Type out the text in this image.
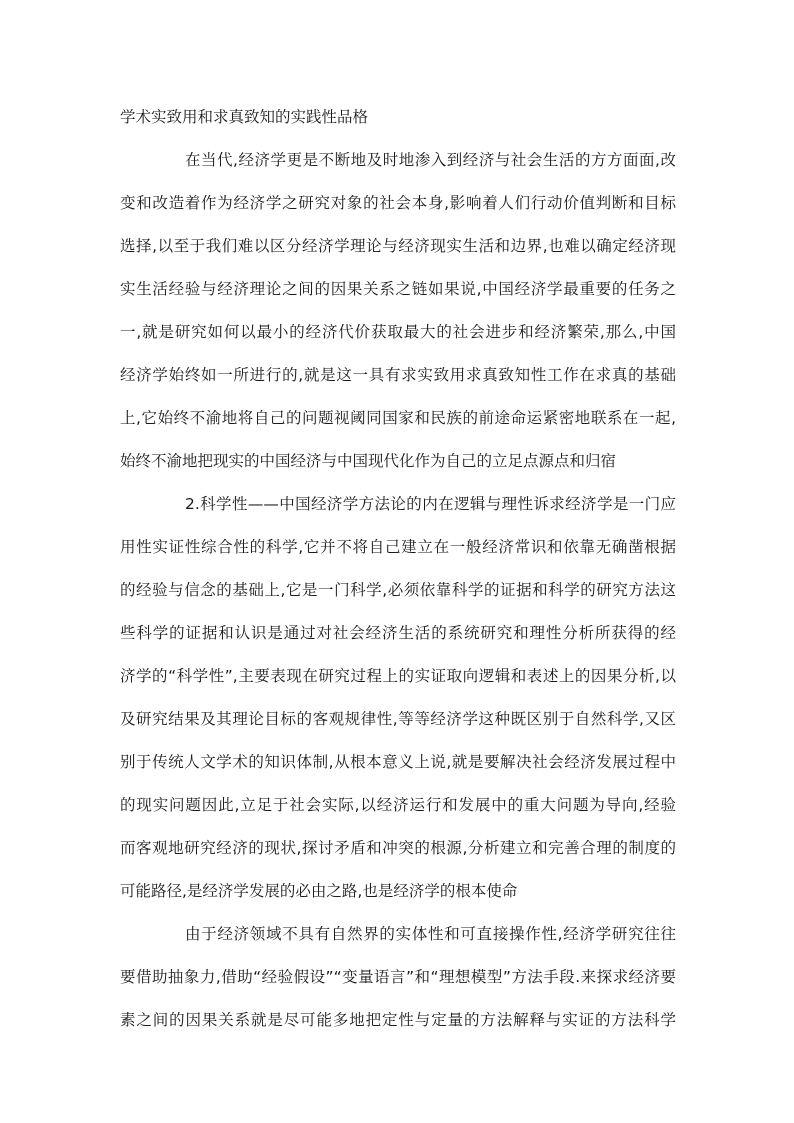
学术实致用和求真致知的实践性品格
在当代,经济学更是不断地及时地渗入到经济与社会生活的方方面面,改
变和改造着作为经济学之研究对象的社会本身,影响着人们行动价值判断和目标
选择,以至于我们难以区分经济学理论与经济现实生活和边界,也难以确定经济现
实生活经验与经济理论之间的因果关系之链如果说,中国经济学最重要的任务之
一,就是研究如何以最小的经济代价获取最大的社会进步和经济繁荣,那么,中国
经济学始终如一所进行的,就是这一具有求实致用求真致知性工作在求真的基础
上,它始终不渝地将自己的问题视阈同国家和民族的前途命运紧密地联系在一起,
始终不渝地把现实的中国经济与中国现代化作为自己的立足点源点和归宿
2.科学性——中国经济学方法论的内在逻辑与理性诉求经济学是一门应
用性实证性综合性的科学,它并不将自己建立在一般经济常识和依靠无确凿根据
的经验与信念的基础上,它是一门科学,必须依靠科学的证据和科学的研究方法这
些科学的证据和认识是通过对社会经济生活的系统研究和理性分析所获得的经
济学的“科学性”,主要表现在研究过程上的实证取向逻辑和表述上的因果分析,以
及研究结果及其理论目标的客观规律性,等等经济学这种既区别于自然科学,又区
别于传统人文学术的知识体制,从根本意义上说,就是要解决社会经济发展过程中
的现实问题因此,立足于社会实际,以经济运行和发展中的重大问题为导向,经验
而客观地研究经济的现状,探讨矛盾和冲突的根源,分析建立和完善合理的制度的
可能路径,是经济学发展的必由之路,也是经济学的根本使命
由于经济领域不具有自然界的实体性和可直接操作性,经济学研究往往
要借助抽象力,借助“经验假设”“变量语言”和“理想模型”方法手段.来探求经济要
素之间的因果关系就是尽可能多地把定性与定量的方法解释与实证的方法科学
